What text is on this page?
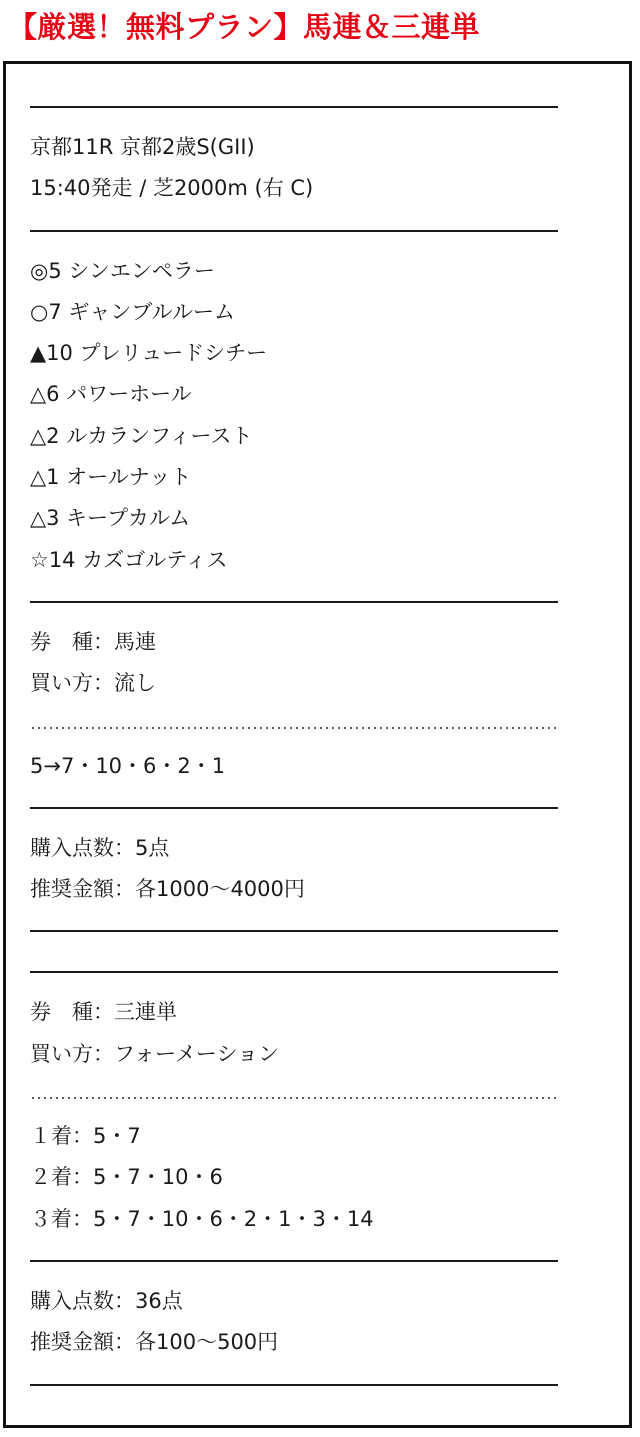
【厳選！無料プラン】馬連＆三連単
京都11R 京都2歳S(GII)
15:40発走 / 芝2000m (右 C)
◎5 シンエンペラー
○7 ギャンブルルーム
▲10 プレリュードシチー
△6 パワーホール
△2 ルカランフィースト
△1 オールナット
△3 キープカルム
☆14 カズゴルティス
券　種：馬連
買い方：流し
5→7・10・6・2・1
購入点数：5点
推奨金額：各1000〜4000円
券　種：三連単
買い方：フォーメーション
１着：5・7
２着：5・7・10・6
３着：5・7・10・6・2・1・3・14
購入点数：36点
推奨金額：各100〜500円
